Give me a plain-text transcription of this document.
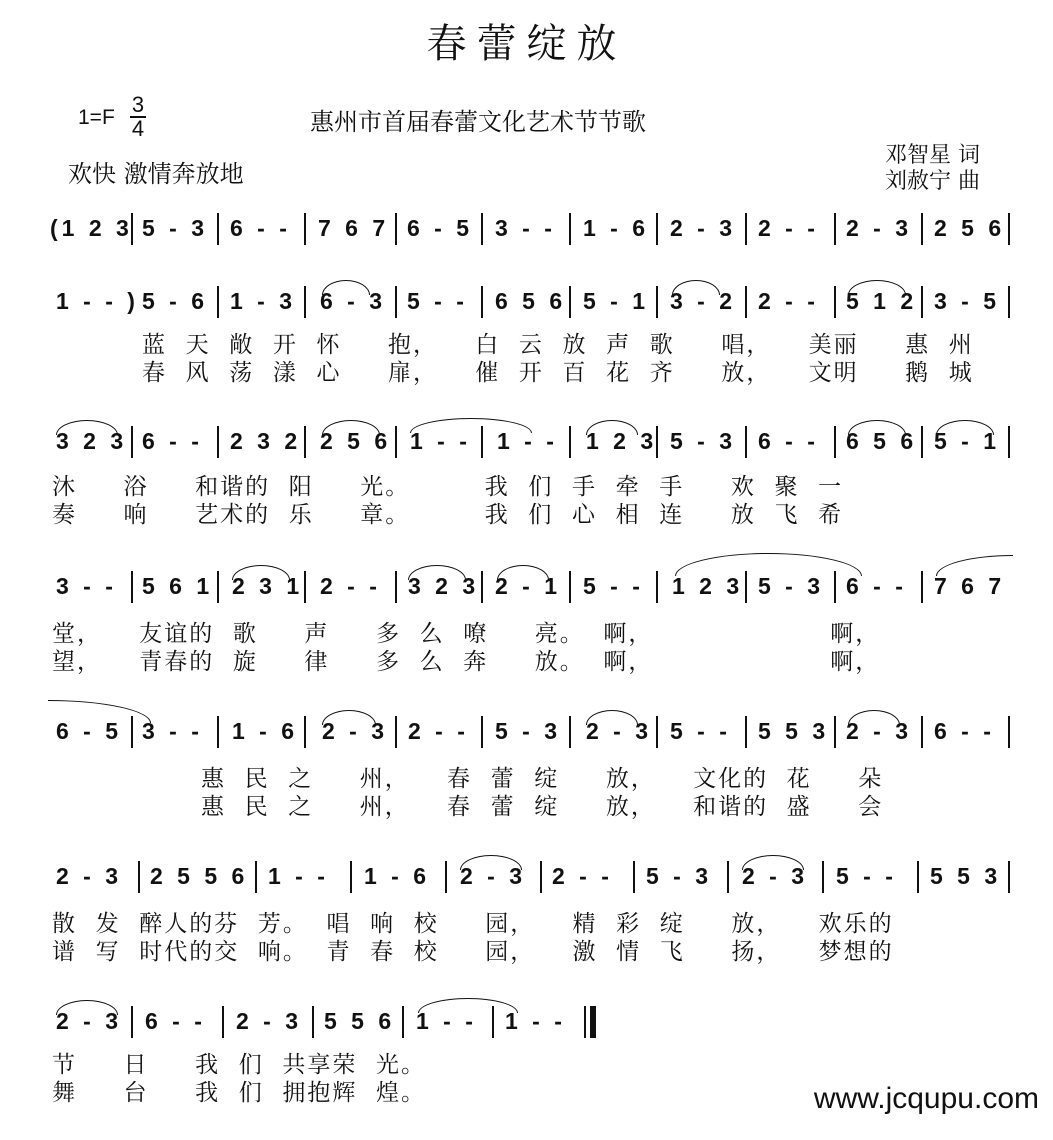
春蕾绽放
1=F
3
4	惠州市首届春蕾文化艺术节节歌
欢快 激情奔放地
邓智星 词
刘赦宁 曲
(1 2 3 5 - 3 6 - - 7 6 7 6 - 5 3 - - 1 - 6 2 - 3 2 - - 2 - 3 2 5 6
1 - - ) 5 - 6 1 - 3 6 - 3 5 - - 6 5 6 5 - 1 3 - 2 2 - - 5 1 2 3 - 5
蓝  天  敞  开  怀     抱，    白  云  放  声  歌     唱，    美丽     惠  州
春  风  荡  漾  心     扉，    催  开  百  花  齐     放，    文明     鹅  城
3 2 3 6 - - 2 3 2 2 5 6 1 - - 1 - - 1 2 3 5 - 3 6 - - 6 5 6 5 - 1
沐     浴     和谐的  阳     光。        我  们  手  牵  手     欢  聚  一
奏     响     艺术的  乐     章。        我  们  心  相  连     放  飞  希
3 - - 5 6 1 2 3 1 2 - - 3 2 3 2 - 1 5 - - 1 2 3 5 - 3 6 - - 7 6 7
堂，    友谊的  歌     声     多  么  嘹     亮。  啊，                   啊，
望，    青春的  旋     律     多  么  奔     放。  啊，                   啊，
6 - 5 3 - - 1 - 6 2 - 3 2 - - 5 - 3 2 - 3 5 - - 5 5 3 2 - 3 6 - -
惠  民  之     州，    春  蕾  绽     放，    文化的  花     朵
惠  民  之     州，    春  蕾  绽     放，    和谐的  盛     会
2 - 3 2 5 5 6 1 - - 1 - 6 2 - 3 2 - - 5 - 3 2 - 3 5 - - 5 5 3
散  发  醉人的芬  芳。  唱  响  校     园，    精  彩  绽     放，    欢乐的
谱  写  时代的交  响。  青  春  校     园，    激  情  飞     扬，    梦想的
2 - 3 6 - - 2 - 3 5 5 6 1 - - 1 - -
节     日     我  们  共享荣  光。
舞     台     我  们  拥抱辉  煌。	www.jcqupu.com
